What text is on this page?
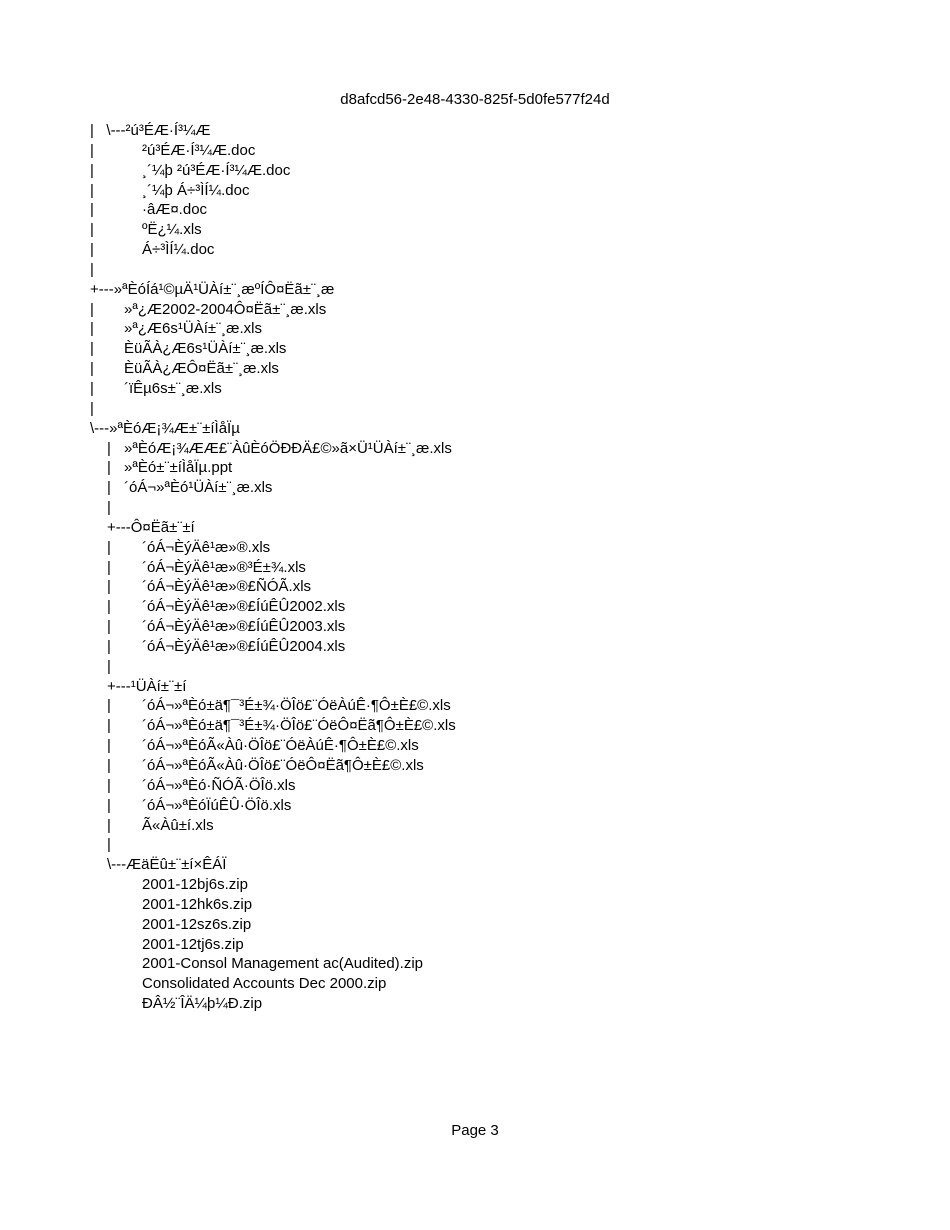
d8afcd56-2e48-4330-825f-5d0fe577f24d
|   \---²ú³ÉÆ·Í³¼Æ
|	²ú³ÉÆ·Í³¼Æ.doc
|	¸´¼þ ²ú³ÉÆ·Í³¼Æ.doc
|	¸´¼þ Á÷³ÌÍ¼.doc
|	·âÆ¤.doc
|	ºË¿¼.xls
|	Á÷³ÌÍ¼.doc
|
+---»ªÈóÍá¹©µÄ¹ÜÀí±¨¸æºÍÔ¤Ëã±¨¸æ
| »ª¿Æ2002-2004Ô¤Ëã±¨¸æ.xls
| »ª¿Æ6s¹ÜÀí±¨¸æ.xls
| ÈüÃÀ¿Æ6s¹ÜÀí±¨¸æ.xls
| ÈüÃÀ¿ÆÔ¤Ëã±¨¸æ.xls
| ´ïÊµ6s±¨¸æ.xls
|
\---»ªÈóÆ¡¾Æ±¨±íÌåÏµ
| »ªÈóÆ¡¾ÆÆ£¨ÀûÈóÖÐÐÄ£©»ã×Ü¹ÜÀí±¨¸æ.xls
| »ªÈó±¨±íÌåÏµ.ppt
| ´óÁ¬»ªÈó¹ÜÀí±¨¸æ.xls
|
+---Ô¤Ëã±¨±í
| ´óÁ¬ÈýÄê¹æ»®.xls
| ´óÁ¬ÈýÄê¹æ»®³É±¾.xls
| ´óÁ¬ÈýÄê¹æ»®£ÑÓÃ.xls
| ´óÁ¬ÈýÄê¹æ»®£ÍúÊÛ2002.xls
| ´óÁ¬ÈýÄê¹æ»®£ÍúÊÛ2003.xls
| ´óÁ¬ÈýÄê¹æ»®£ÍúÊÛ2004.xls
|
+---¹ÜÀí±¨±í
| ´óÁ¬»ªÈó±ä¶¯³É±¾·ÖÎö£¨ÓëÀúÊ·¶Ô±È£©.xls
| ´óÁ¬»ªÈó±ä¶¯³É±¾·ÖÎö£¨ÓëÔ¤Ëã¶Ô±È£©.xls
| ´óÁ¬»ªÈóÃ«Àû·ÖÎö£¨ÓëÀúÊ·¶Ô±È£©.xls
| ´óÁ¬»ªÈóÃ«Àû·ÖÎö£¨ÓëÔ¤Ëã¶Ô±È£©.xls
| ´óÁ¬»ªÈó·ÑÓÃ·ÖÎö.xls
| ´óÁ¬»ªÈóÏúÊÛ·ÖÎö.xls
| Ã«Àû±í.xls
|
\---ÆäËû±¨±í×ÊÁÏ
2001-12bj6s.zip
2001-12hk6s.zip
2001-12sz6s.zip
2001-12tj6s.zip
2001-Consol Management ac(Audited).zip
Consolidated Accounts Dec 2000.zip
ÐÂ½¨ÎÄ¼þ¼Ð.zip
Page 3
